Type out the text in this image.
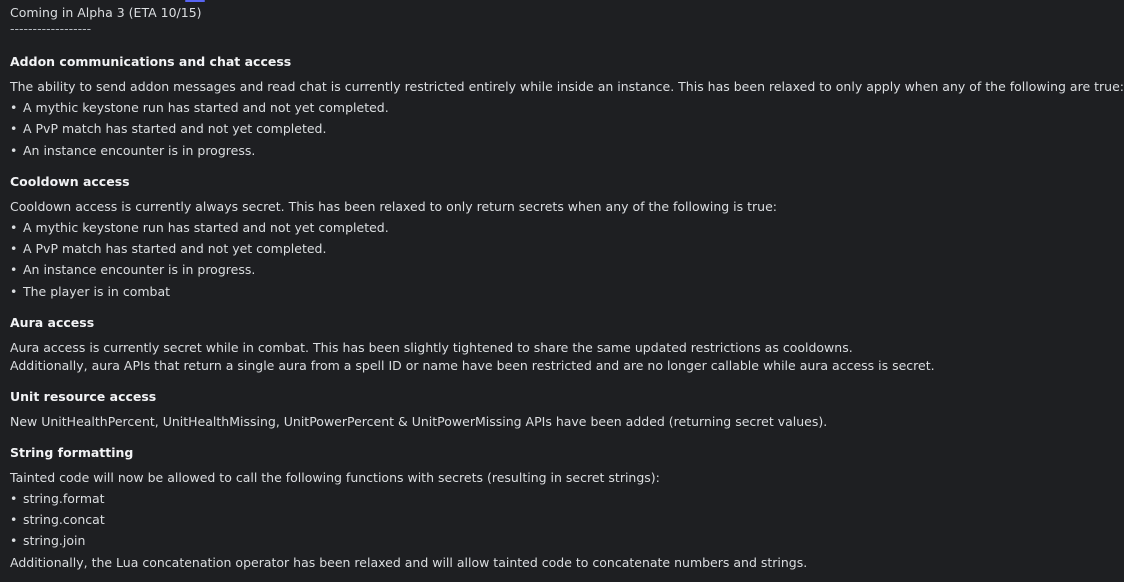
Coming in Alpha 3 (ETA 10/15)
------------------
Addon communications and chat access
The ability to send addon messages and read chat is currently restricted entirely while inside an instance. This has been relaxed to only apply when any of the following are true:
• A mythic keystone run has started and not yet completed.
• A PvP match has started and not yet completed.
• An instance encounter is in progress.
Cooldown access
Cooldown access is currently always secret. This has been relaxed to only return secrets when any of the following is true:
• A mythic keystone run has started and not yet completed.
• A PvP match has started and not yet completed.
• An instance encounter is in progress.
• The player is in combat
Aura access
Aura access is currently secret while in combat. This has been slightly tightened to share the same updated restrictions as cooldowns.
Additionally, aura APIs that return a single aura from a spell ID or name have been restricted and are no longer callable while aura access is secret.
Unit resource access
New UnitHealthPercent, UnitHealthMissing, UnitPowerPercent & UnitPowerMissing APIs have been added (returning secret values).
String formatting
Tainted code will now be allowed to call the following functions with secrets (resulting in secret strings):
• string.format
• string.concat
• string.join
Additionally, the Lua concatenation operator has been relaxed and will allow tainted code to concatenate numbers and strings.
